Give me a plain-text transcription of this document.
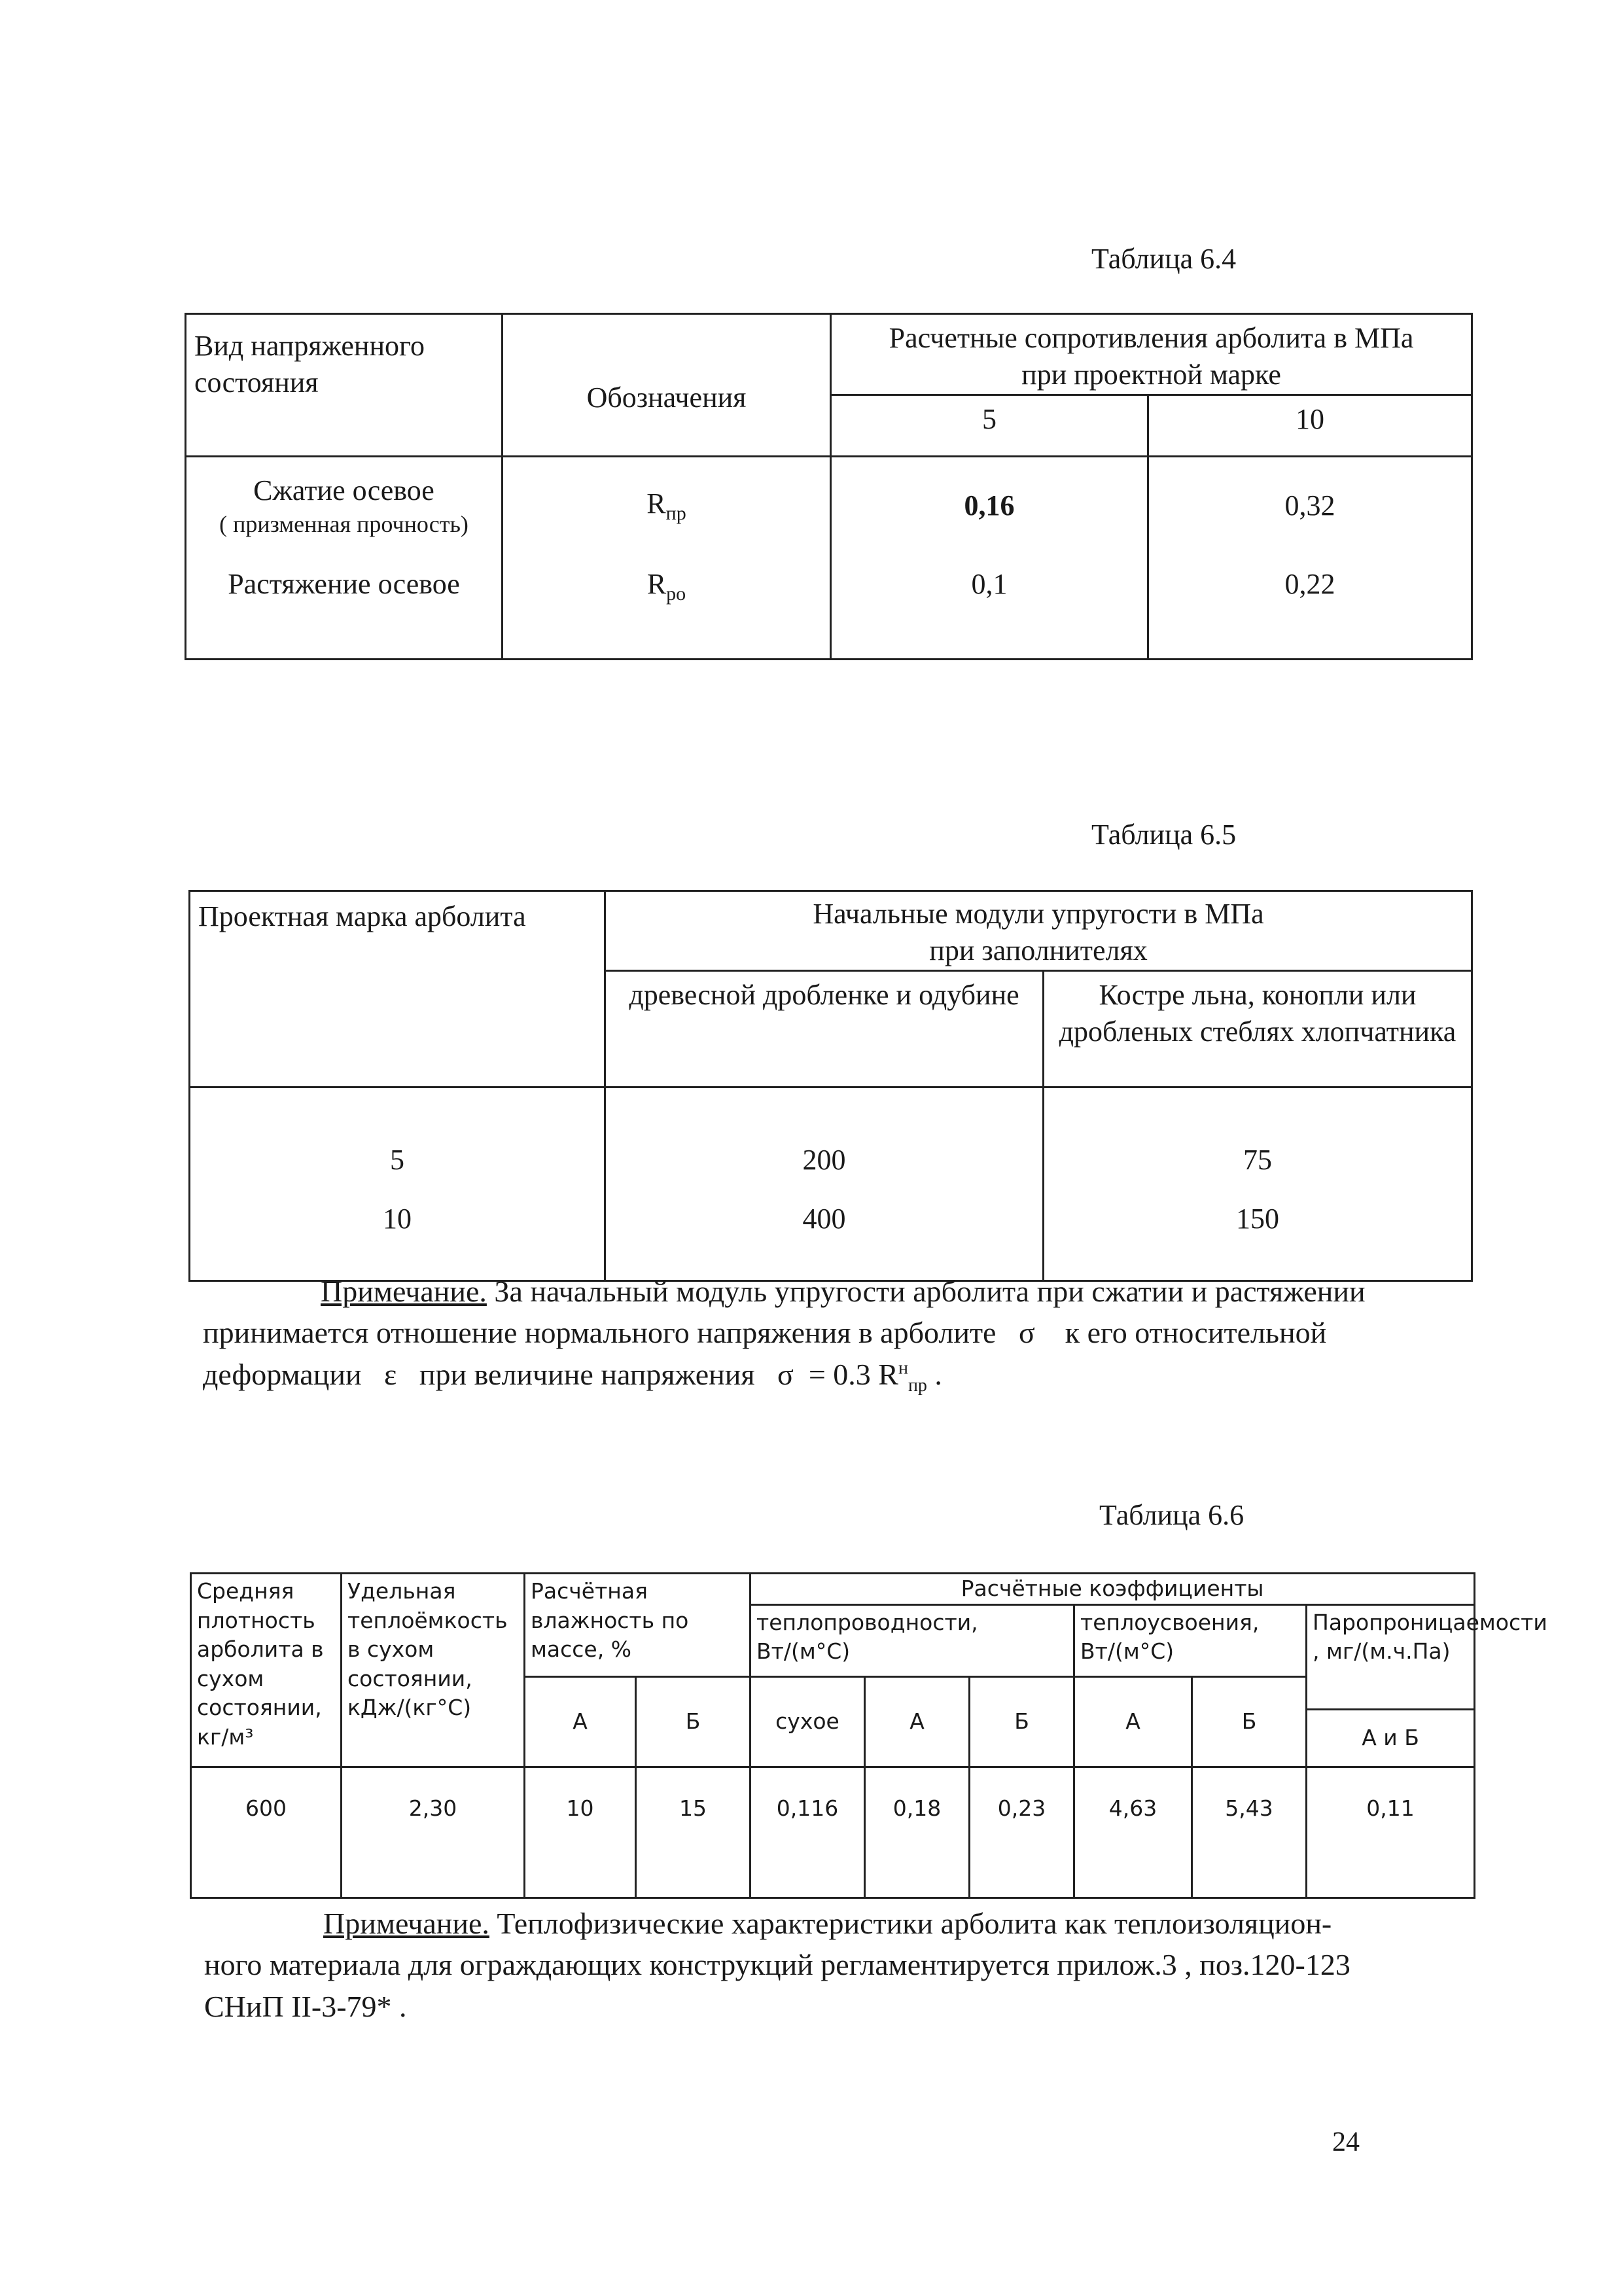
Таблица 6.4
Вид напряженного состояния	Обозначения	Расчетные сопротивления арболита в МПа
при проектной марке	
		5	10
Сжатие осевое
( призменная прочность)	$R_{пр}$	0,16	0,32
Растяжение осевое	$R_{ро}$	0,1	0,22
Таблица 6.5
Проектная марка арболита	Начальные модули упругости в МПа
при заполнителях	
	древесной дробленке и одубине	Костре льна, конопли или дробленых стеблях хлопчатника
5	200	75
10	400	150
Примечание. За начальный модуль упругости арболита при сжатии и растяжении
принимается отношение нормального напряжения в арболите   σ    к его относительной
деформации   ε   при величине напряжения   σ  = 0.3 $R^н_{пр}$ .
Таблица 6.6
Средняя плотность арболита в сухом состоянии, кг/м³	Удельная теплоёмкость в сухом состоянии, кДж/(кг°С)	Расчётная влажность по массе, %		Расчётные коэффициенты					
				теплопроводности, Вт/(м°С)			теплоусвоения, Вт/(м°С)		Паропроницаемости , мг/(м.ч.Па)
		А	Б	сухое	А	Б	А	Б	
									А и Б
600	2,30	10	15	0,116	0,18	0,23	4,63	5,43	0,11
Примечание. Теплофизические характеристики арболита как теплоизоляцион-
ного материала для ограждающих конструкций регламентируется прилож.3 , поз.120-123
СНиП II-3-79* .
24
